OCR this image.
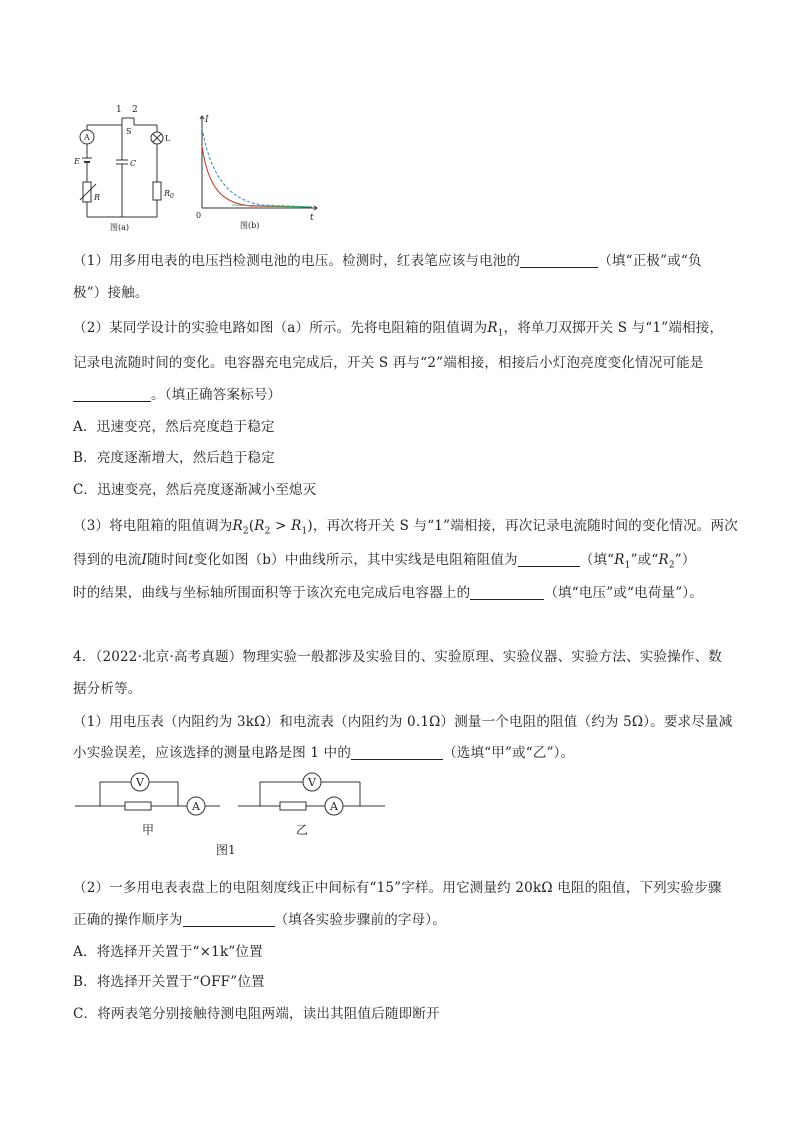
1 2
A
S
C
L
E
R	$R_0$
图(a)
I
t
0
图(b)
（1）用多用电表的电压挡检测电池的电压。检测时，红表笔应该与电池的	（填“正极”或“负
极”）接触。
（2）某同学设计的实验电路如图（a）所示。先将电阻箱的阻值调为$R_1$，将单刀双掷开关 S 与“1”端相接，
记录电流随时间的变化。电容器充电完成后，开关 S 再与“2”端相接，相接后小灯泡亮度变化情况可能是
。（填正确答案标号）
A．迅速变亮，然后亮度趋于稳定
B．亮度逐渐增大，然后趋于稳定
C．迅速变亮，然后亮度逐渐减小至熄灭
（3）将电阻箱的阻值调为$R_2(R_2 > R_1)$，再次将开关 S 与“1”端相接，再次记录电流随时间的变化情况。两次
得到的电流I随时间t变化如图（b）中曲线所示，其中实线是电阻箱阻值为	（填“$R_1$”或“$R_2$”）
时的结果，曲线与坐标轴所围面积等于该次充电完成后电容器上的	（填“电压”或“电荷量”）。
4．（2022·北京·高考真题）物理实验一般都涉及实验目的、实验原理、实验仪器、实验方法、实验操作、数
据分析等。
（1）用电压表（内阻约为 3kΩ）和电流表（内阻约为 0.1Ω）测量一个电阻的阻值（约为 5Ω）。要求尽量减
小实验误差，应该选择的测量电路是图 1 中的	（选填“甲”或“乙”）。
V
A
V
A
甲	乙
图1
（2）一多用电表表盘上的电阻刻度线正中间标有“15”字样。用它测量约 20kΩ 电阻的阻值，下列实验步骤
正确的操作顺序为	（填各实验步骤前的字母）。
A．将选择开关置于“×1k”位置
B．将选择开关置于“OFF”位置
C．将两表笔分别接触待测电阻两端，读出其阻值后随即断开
